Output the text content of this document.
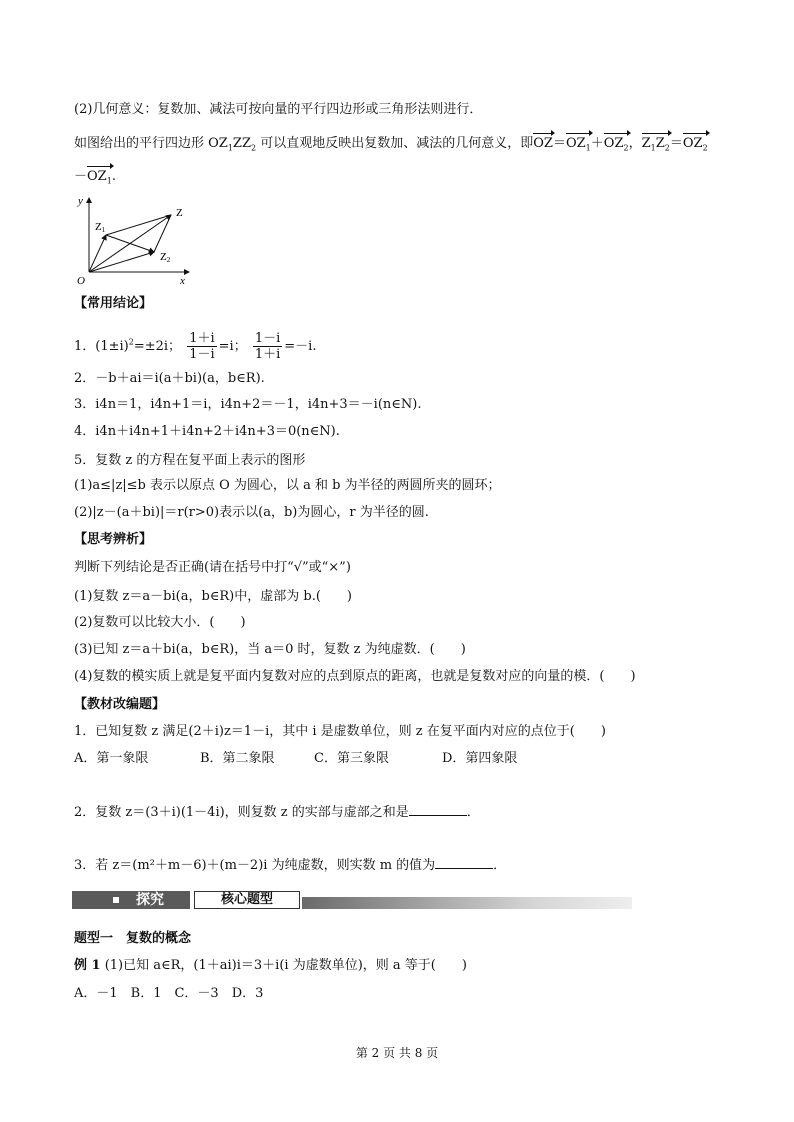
(2)几何意义：复数加、减法可按向量的平行四边形或三角形法则进行．
如图给出的平行四边形 $OZ_1ZZ_2$ 可以直观地反映出复数加、减法的几何意义，即$OZ=OZ_1+OZ_2$，$Z_1Z_2=OZ_2$
$-OZ_1$.
y
x
O
Z
Z1
Z2
【常用结论】
1．$(1\pm i)^2=\pm 2i$； $\frac{1+i}{1-i} =i$； $\frac{1-i}{1+i} =-i$.
2．－b＋ai＝i(a＋bi)(a，b∈R).
3．i4n＝1，i4n+1＝i，i4n+2＝－1，i4n+3＝－i(n∈N).
4．i4n＋i4n+1＋i4n+2＋i4n+3＝0(n∈N).
5．复数 z 的方程在复平面上表示的图形
(1)a≤|z|≤b 表示以原点 O 为圆心，以 a 和 b 为半径的两圆所夹的圆环；
(2)|z－(a＋bi)|＝r(r>0)表示以(a，b)为圆心，r 为半径的圆.
【思考辨析】
判断下列结论是否正确(请在括号中打“√”或“×”)
(1)复数 z＝a－bi(a，b∈R)中，虚部为 b.(　　)
(2)复数可以比较大小．(　　)
(3)已知 z＝a＋bi(a，b∈R)，当 a＝0 时，复数 z 为纯虚数．(　　)
(4)复数的模实质上就是复平面内复数对应的点到原点的距离，也就是复数对应的向量的模．(　　)
【教材改编题】
1．已知复数 z 满足(2＋i)z＝1－i，其中 i 是虚数单位，则 z 在复平面内对应的点位于(　　)
A．第一象限	B．第二象限	C．第三象限	D．第四象限
2．复数 z＝(3＋i)(1－4i)，则复数 z 的实部与虚部之和是	．
3．若 z＝(m²＋m－6)＋(m－2)i 为纯虚数，则实数 m 的值为	．
探究	核心题型
题型一　复数的概念
例 1 (1)已知 a∈R，(1＋ai)i＝3＋i(i 为虚数单位)，则 a 等于(　　)
A．－1　B．1　C．－3　D．3
第 2 页 共 8 页
